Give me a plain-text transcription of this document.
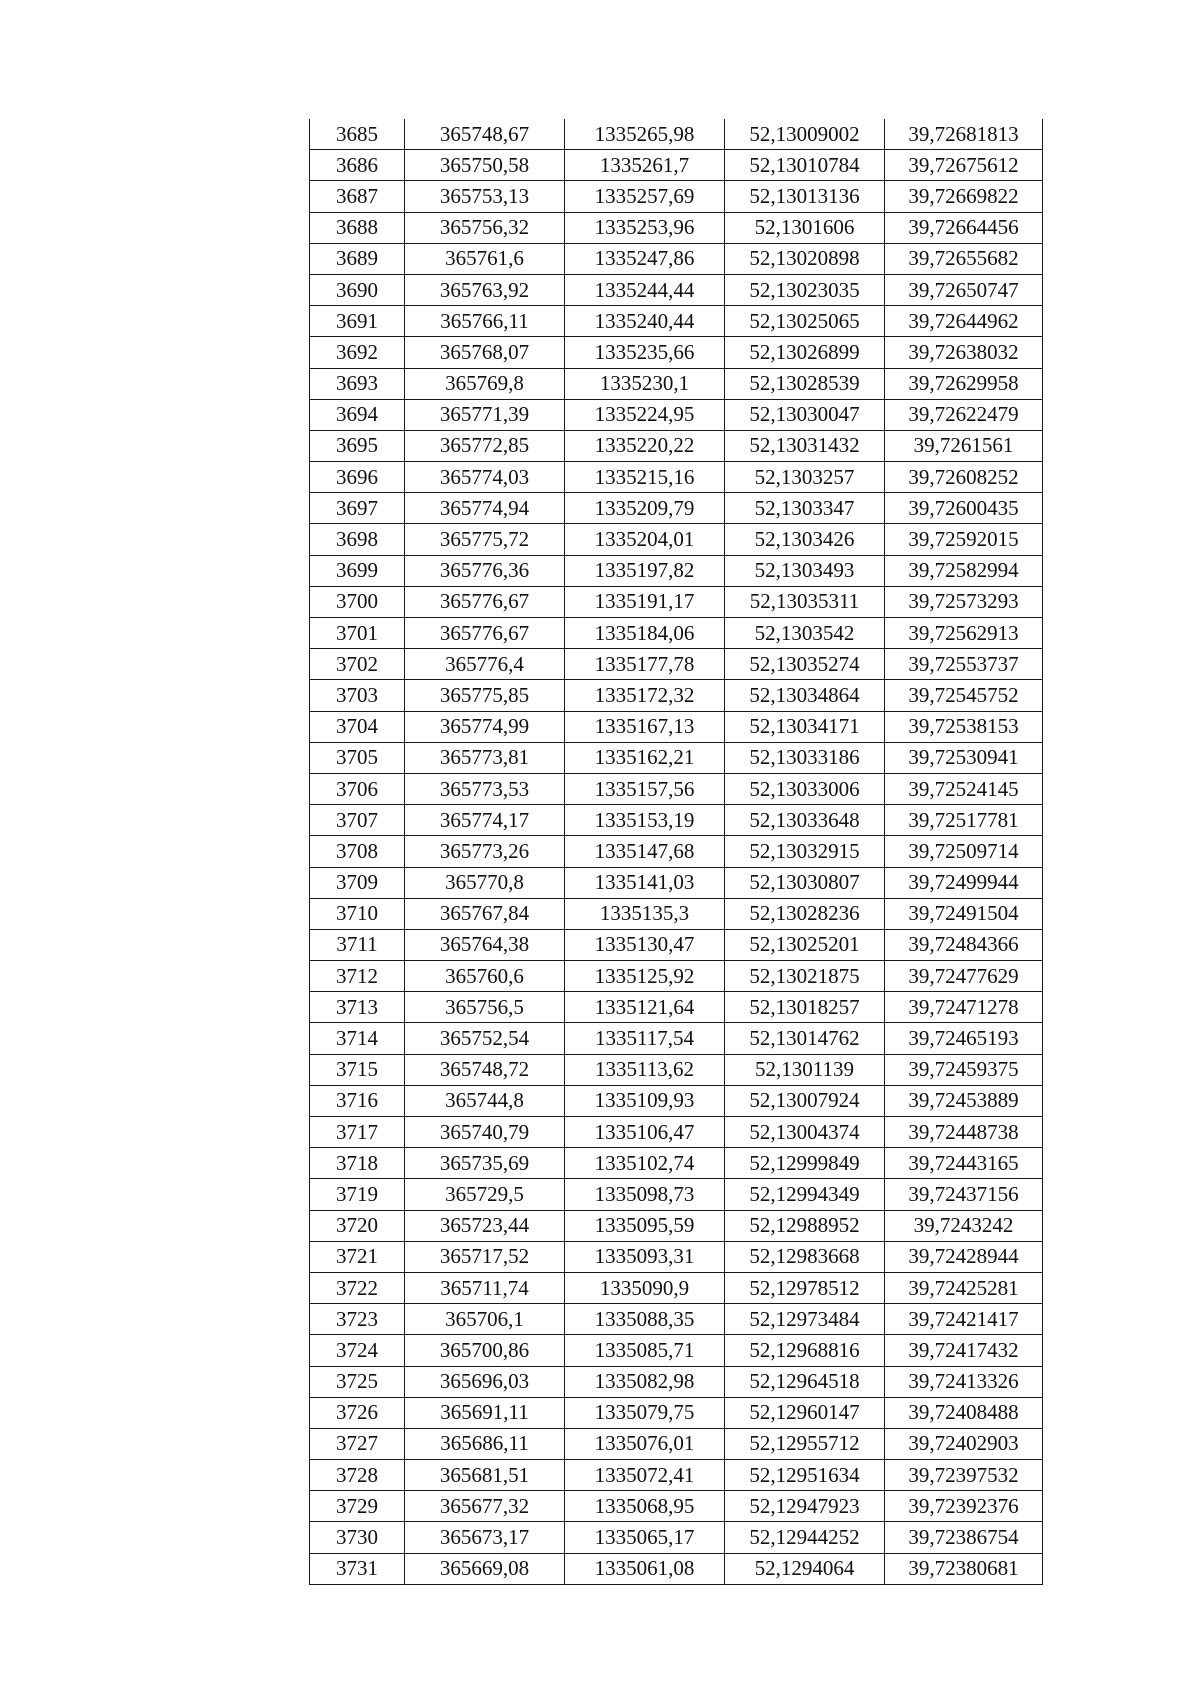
3685	365748,67	1335265,98	52,13009002	39,72681813
3686	365750,58	1335261,7	52,13010784	39,72675612
3687	365753,13	1335257,69	52,13013136	39,72669822
3688	365756,32	1335253,96	52,1301606	39,72664456
3689	365761,6	1335247,86	52,13020898	39,72655682
3690	365763,92	1335244,44	52,13023035	39,72650747
3691	365766,11	1335240,44	52,13025065	39,72644962
3692	365768,07	1335235,66	52,13026899	39,72638032
3693	365769,8	1335230,1	52,13028539	39,72629958
3694	365771,39	1335224,95	52,13030047	39,72622479
3695	365772,85	1335220,22	52,13031432	39,7261561
3696	365774,03	1335215,16	52,1303257	39,72608252
3697	365774,94	1335209,79	52,1303347	39,72600435
3698	365775,72	1335204,01	52,1303426	39,72592015
3699	365776,36	1335197,82	52,1303493	39,72582994
3700	365776,67	1335191,17	52,13035311	39,72573293
3701	365776,67	1335184,06	52,1303542	39,72562913
3702	365776,4	1335177,78	52,13035274	39,72553737
3703	365775,85	1335172,32	52,13034864	39,72545752
3704	365774,99	1335167,13	52,13034171	39,72538153
3705	365773,81	1335162,21	52,13033186	39,72530941
3706	365773,53	1335157,56	52,13033006	39,72524145
3707	365774,17	1335153,19	52,13033648	39,72517781
3708	365773,26	1335147,68	52,13032915	39,72509714
3709	365770,8	1335141,03	52,13030807	39,72499944
3710	365767,84	1335135,3	52,13028236	39,72491504
3711	365764,38	1335130,47	52,13025201	39,72484366
3712	365760,6	1335125,92	52,13021875	39,72477629
3713	365756,5	1335121,64	52,13018257	39,72471278
3714	365752,54	1335117,54	52,13014762	39,72465193
3715	365748,72	1335113,62	52,1301139	39,72459375
3716	365744,8	1335109,93	52,13007924	39,72453889
3717	365740,79	1335106,47	52,13004374	39,72448738
3718	365735,69	1335102,74	52,12999849	39,72443165
3719	365729,5	1335098,73	52,12994349	39,72437156
3720	365723,44	1335095,59	52,12988952	39,7243242
3721	365717,52	1335093,31	52,12983668	39,72428944
3722	365711,74	1335090,9	52,12978512	39,72425281
3723	365706,1	1335088,35	52,12973484	39,72421417
3724	365700,86	1335085,71	52,12968816	39,72417432
3725	365696,03	1335082,98	52,12964518	39,72413326
3726	365691,11	1335079,75	52,12960147	39,72408488
3727	365686,11	1335076,01	52,12955712	39,72402903
3728	365681,51	1335072,41	52,12951634	39,72397532
3729	365677,32	1335068,95	52,12947923	39,72392376
3730	365673,17	1335065,17	52,12944252	39,72386754
3731	365669,08	1335061,08	52,1294064	39,72380681
